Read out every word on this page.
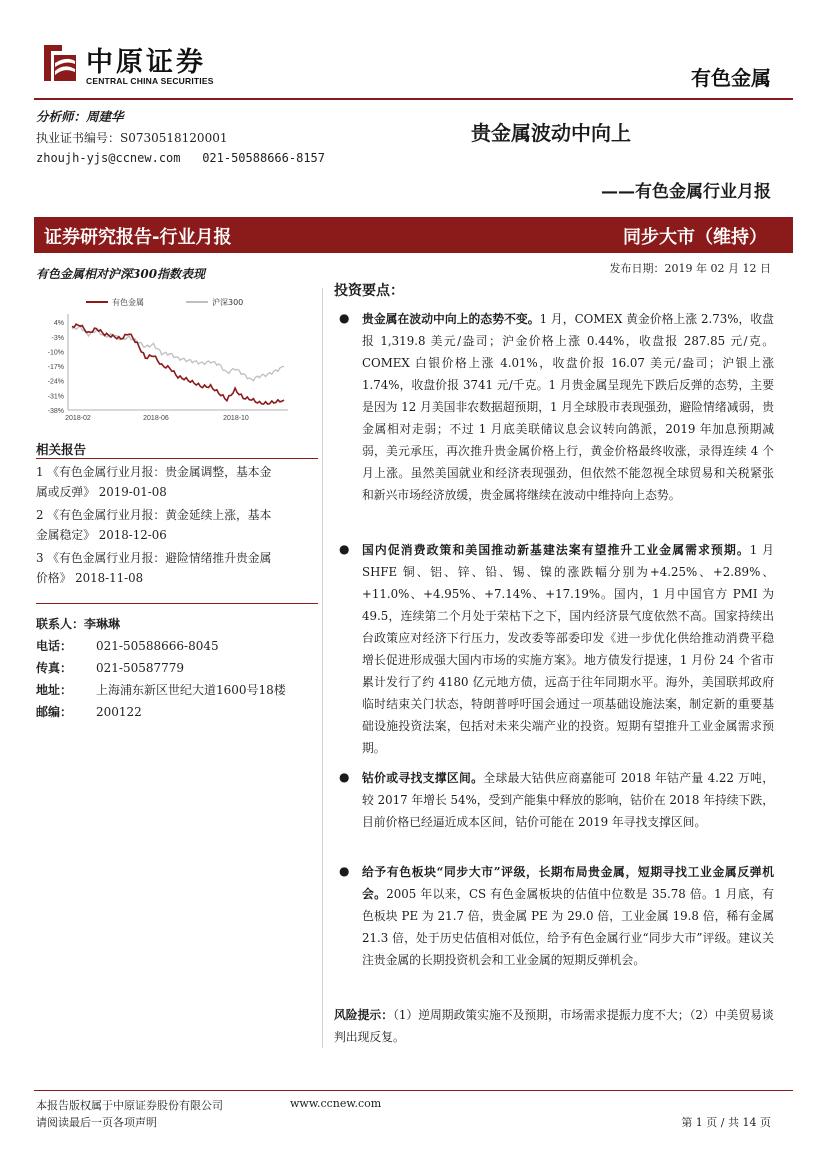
中原证券
CENTRAL CHINA SECURITIES	有色金属
分析师：周建华
执业证书编号：S0730518120001
zhoujh-yjs@ccnew.com 021-50588666-8157
贵金属波动中向上
——有色金属行业月报
证券研究报告-行业月报	同步大市（维持）
发布日期：2019 年 02 月 12 日
有色金属相对沪深300指数表现
4%
-3%
-10%
-17%
-24%
-31%
-38%
2018-02	2018-06	2018-10
有色金属	沪深300
相关报告
1 《有色金属行业月报：贵金属调整，基本金
属或反弹》 2019-01-08
2 《有色金属行业月报：黄金延续上涨，基本
金属稳定》 2018-12-06
3 《有色金属行业月报：避险情绪推升贵金属
价格》 2018-11-08
联系人：李琳琳
电话： 021-50588666-8045
传真： 021-50587779
地址： 上海浦东新区世纪大道1600号18楼
邮编： 200122
投资要点：
● 贵金属在波动中向上的态势不变。1 月，COMEX 黄金价格上涨 2.73%，收盘报 1,319.8 美元/盎司；沪金价格上涨 0.44%，收盘报 287.85 元/克。COMEX 白银价格上涨 4.01%，收盘价报 16.07 美元/盎司；沪银上涨 1.74%，收盘价报 3741 元/千克。1 月贵金属呈现先下跌后反弹的态势，主要是因为 12 月美国非农数据超预期，1 月全球股市表现强劲，避险情绪减弱，贵金属相对走弱；不过 1 月底美联储议息会议转向鸽派，2019 年加息预期减弱，美元承压，再次推升贵金属价格上行，黄金价格最终收涨，录得连续 4 个月上涨。虽然美国就业和经济表现强劲，但依然不能忽视全球贸易和关税紧张和新兴市场经济放缓，贵金属将继续在波动中维持向上态势。
● 国内促消费政策和美国推动新基建法案有望推升工业金属需求预期。1 月 SHFE 铜、铝、锌、铅、锡、镍的涨跌幅分别为+4.25%、+2.89%、+11.0%、+4.95%、+7.14%、+17.19%。国内，1 月中国官方 PMI 为 49.5，连续第二个月处于荣枯下之下，国内经济景气度依然不高。国家持续出台政策应对经济下行压力，发改委等部委印发《进一步优化供给推动消费平稳增长促进形成强大国内市场的实施方案》。地方债发行提速，1 月份 24 个省市累计发行了约 4180 亿元地方债，远高于往年同期水平。海外，美国联邦政府临时结束关门状态，特朗普呼吁国会通过一项基础设施法案，制定新的重要基础设施投资法案，包括对未来尖端产业的投资。短期有望推升工业金属需求预期。
● 钴价或寻找支撑区间。全球最大钴供应商嘉能可 2018 年钴产量 4.22 万吨，较 2017 年增长 54%，受到产能集中释放的影响，钴价在 2018 年持续下跌，目前价格已经逼近成本区间，钴价可能在 2019 年寻找支撑区间。
● 给予有色板块“同步大市”评级，长期布局贵金属，短期寻找工业金属反弹机会。2005 年以来，CS 有色金属板块的估值中位数是 35.78 倍。1 月底，有色板块 PE 为 21.7 倍，贵金属 PE 为 29.0 倍，工业金属 19.8 倍，稀有金属 21.3 倍，处于历史估值相对低位，给予有色金属行业“同步大市”评级。建议关注贵金属的长期投资机会和工业金属的短期反弹机会。
风险提示：（1）逆周期政策实施不及预期，市场需求提振力度不大；（2）中美贸易谈判出现反复。
本报告版权属于中原证券股份有限公司	www.ccnew.com
请阅读最后一页各项声明	第 1 页 / 共 14 页
